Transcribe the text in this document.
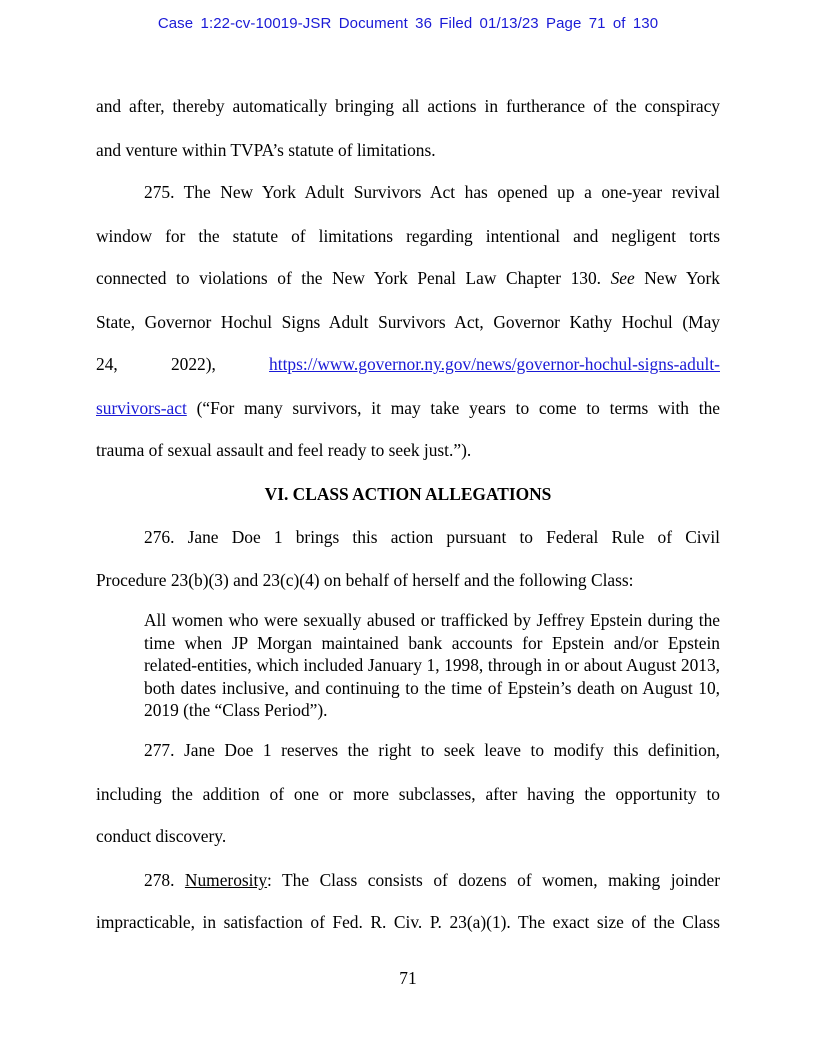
Case 1:22-cv-10019-JSR Document 36 Filed 01/13/23 Page 71 of 130
and after, thereby automatically bringing all actions in furtherance of the conspiracy
and venture within TVPA’s statute of limitations.
275. The New York Adult Survivors Act has opened up a one-year revival
window for the statute of limitations regarding intentional and negligent torts
connected to violations of the New York Penal Law Chapter 130. See New York
State, Governor Hochul Signs Adult Survivors Act, Governor Kathy Hochul (May
24,	2022),	https://www.governor.ny.gov/news/governor-hochul-signs-adult-
survivors-act (“For many survivors, it may take years to come to terms with the
trauma of sexual assault and feel ready to seek just.”).
VI. CLASS ACTION ALLEGATIONS
276. Jane Doe 1 brings this action pursuant to Federal Rule of Civil
Procedure 23(b)(3) and 23(c)(4) on behalf of herself and the following Class:
All women who were sexually abused or trafficked by Jeffrey Epstein during the time when JP Morgan maintained bank accounts for Epstein and/or Epstein related-entities, which included January 1, 1998, through in or about August 2013, both dates inclusive, and continuing to the time of Epstein’s death on August 10, 2019 (the “Class Period”).
277. Jane Doe 1 reserves the right to seek leave to modify this definition,
including the addition of one or more subclasses, after having the opportunity to
conduct discovery.
278. Numerosity: The Class consists of dozens of women, making joinder
impracticable, in satisfaction of Fed. R. Civ. P. 23(a)(1). The exact size of the Class
71
